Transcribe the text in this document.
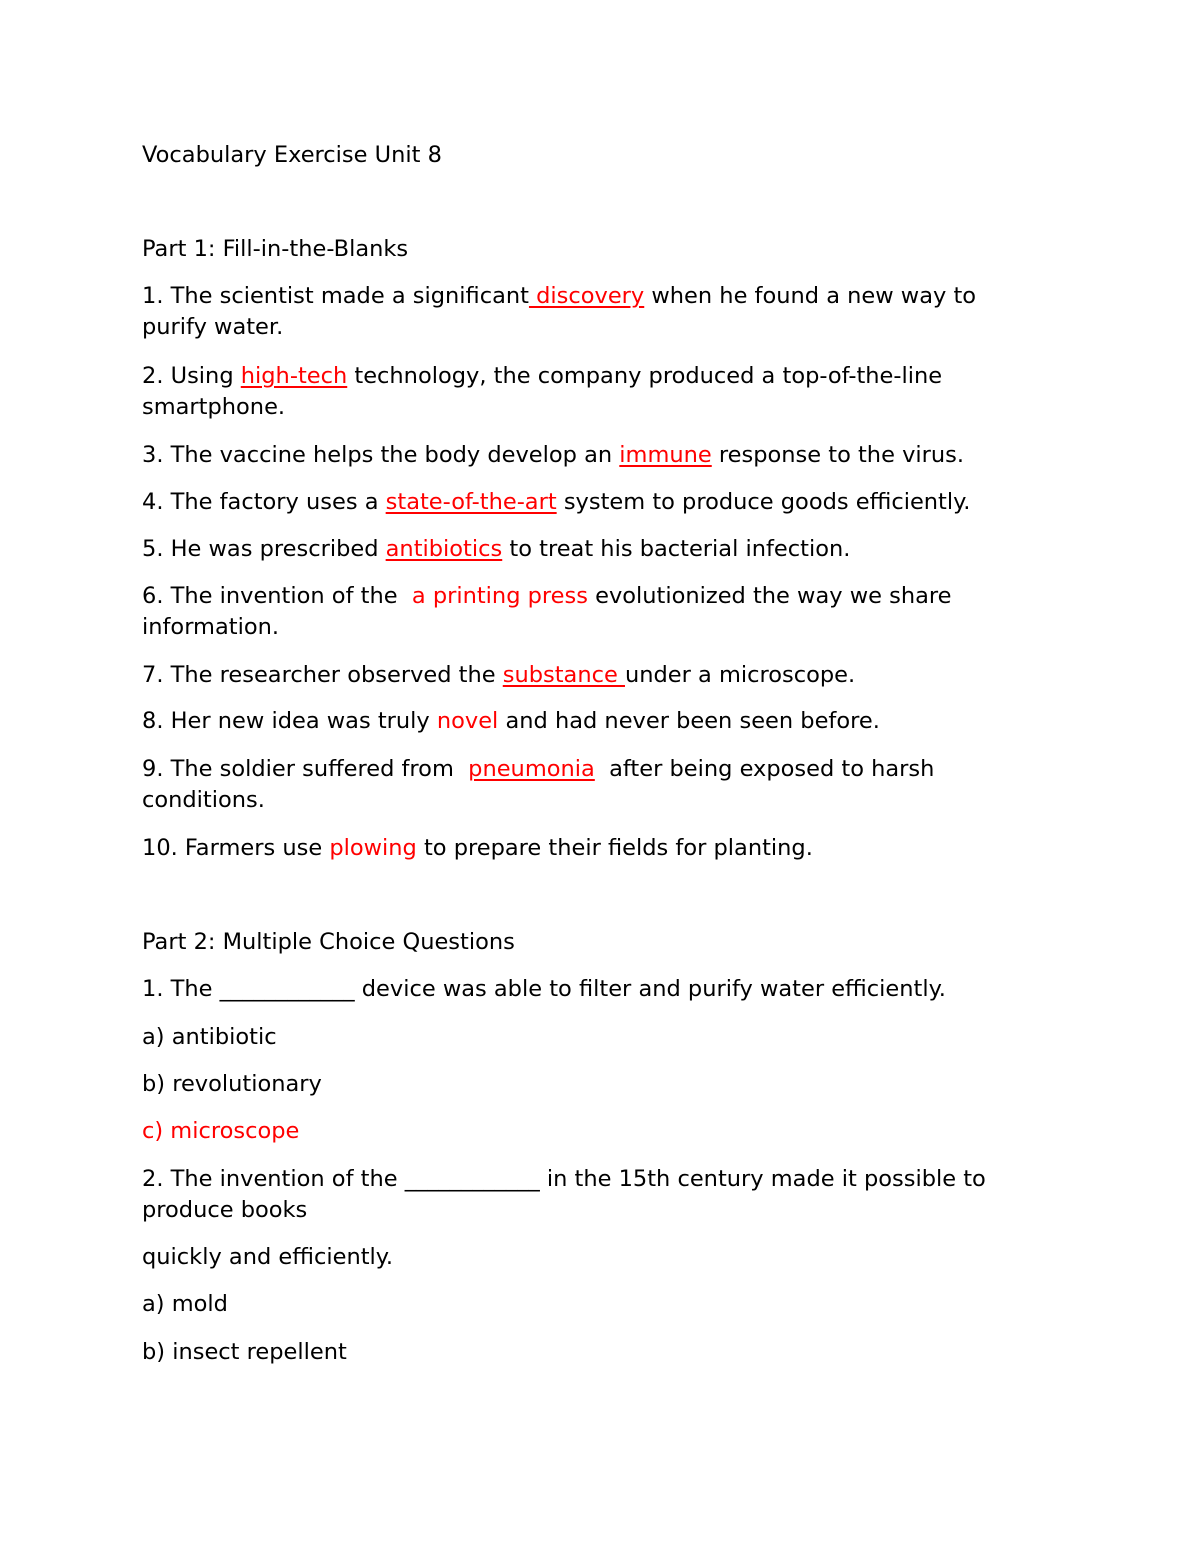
Vocabulary Exercise Unit 8
Part 1: Fill-in-the-Blanks
1. The scientist made a significant discovery when he found a new way to
purify water.
2. Using high-tech technology, the company produced a top-of-the-line
smartphone.
3. The vaccine helps the body develop an immune response to the virus.
4. The factory uses a state-of-the-art system to produce goods efficiently.
5. He was prescribed antibiotics to treat his bacterial infection.
6. The invention of the  a printing press evolutionized the way we share
information.
7. The researcher observed the substance under a microscope.
8. Her new idea was truly novel and had never been seen before.
9. The soldier suffered from  pneumonia  after being exposed to harsh
conditions.
10. Farmers use plowing to prepare their fields for planting.
Part 2: Multiple Choice Questions
1. The ____________ device was able to filter and purify water efficiently.
a) antibiotic
b) revolutionary
c) microscope
2. The invention of the ____________ in the 15th century made it possible to
produce books
quickly and efficiently.
a) mold
b) insect repellent
